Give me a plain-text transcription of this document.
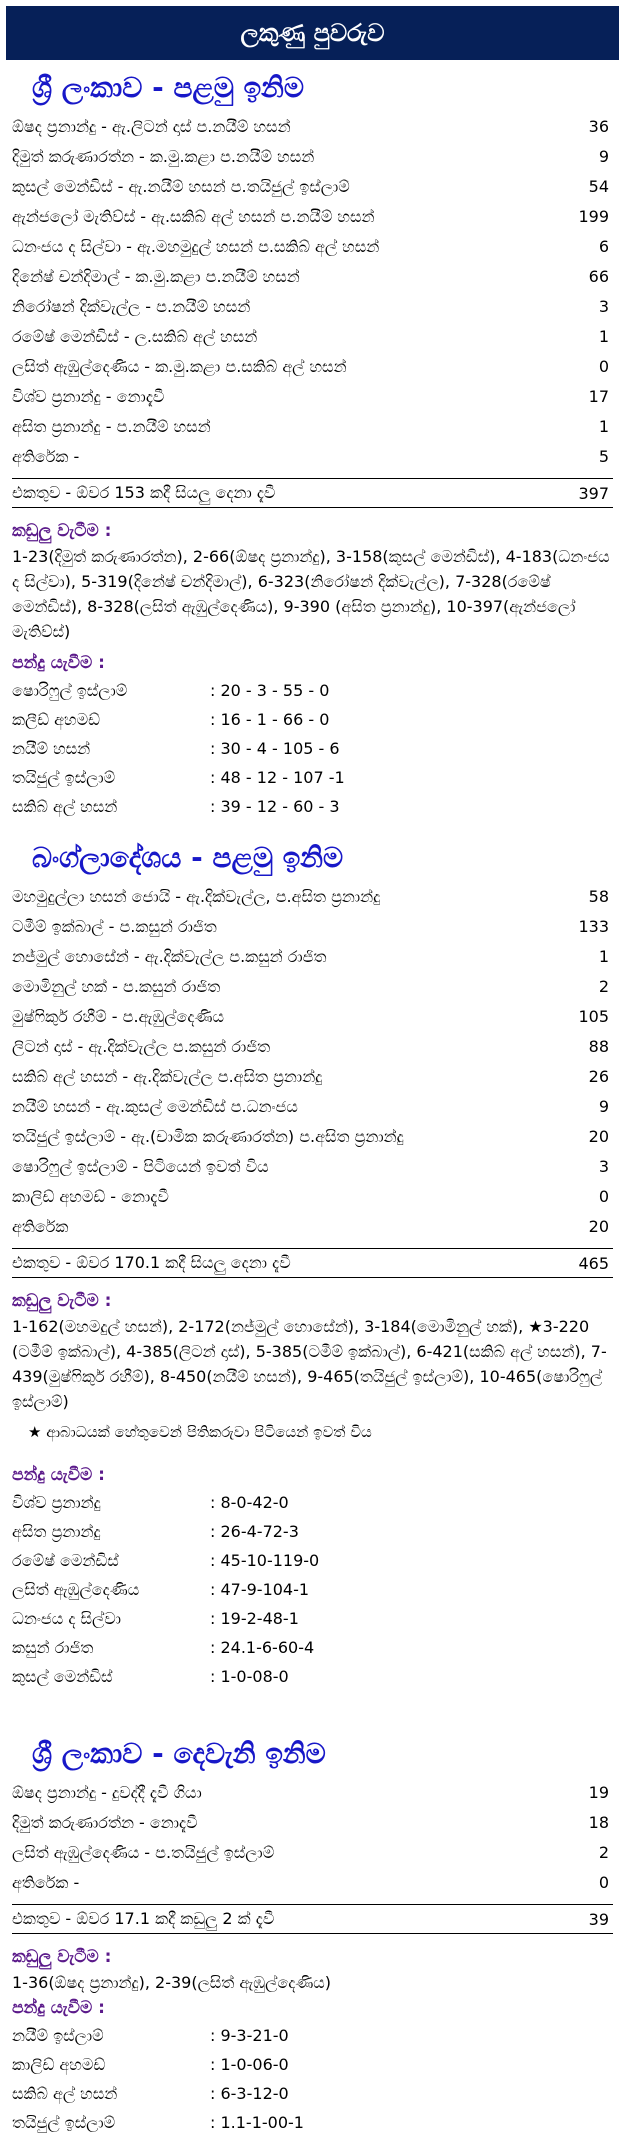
ලකුණු පුවරුව
ශ්‍රී ලංකාව - පළමු ඉනිම
ඕෂද ප්‍රනාන්දු - ඇ.ලිටන් දාස් ප.නයීම් හසන්	36
දිමුත් කරුණාරත්න - ක.මු.කළා ප.නයීම් හසන්	9
කුසල් මෙන්ඩිස් - ඇ.නයීම් හසන් ප.තයිජුල් ඉස්ලාම්	54
ඇන්ජලෝ මැතිව්ස් - ඇ.සකිබ් අල් හසන් ප.නයීම් හසන්	199
ධනංජය ද සිල්වා - ඇ.මහමුදුල් හසන් ප.සකිබ් අල් හසන්	6
දිනේෂ් චන්දිමාල් - ක.මු.කළා ප.නයීම් හසන්	66
නිරෝෂන් දික්වැල්ල - ප.නයීම් හසන්	3
රමේෂ් මෙන්ඩිස් - ල.සකිබ් අල් හසන්	1
ලසිත් ඇඹුල්දෙණිය - ක.මු.කළා ප.සකිබ් අල් හසන්	0
විශ්ව ප්‍රනාන්දු - නොදැවී	17
අසිත ප්‍රනාන්දු - ප.නයීම් හසන්	1
අතිරේක -	5
එකතුව - ඕවර 153 කදී සියලු දෙනා දැවී	397
කඩුලු වැටීම :

1-23(දිමුත් කරුණාරත්න), 2-66(ඕෂද ප්‍රනාන්දු), 3-158(කුසල් මෙන්ඩිස්), 4-183(ධනංජය ද සිල්වා), 5-319(දිනේෂ් චන්දිමාල්), 6-323(නිරෝෂන් දික්වැල්ල), 7-328(රමේෂ් මෙන්ඩිස්), 8-328(ලසිත් ඇඹුල්දෙණිය), 9-390 (අසිත ප්‍රනාන්දු), 10-397(ඇන්ජලෝ මැතිව්ස්)

පන්දු යැවීම :
ෂොරිෆුල් ඉස්ලාම්	: 20 - 3 - 55 - 0
කලීඩ් අහමඩ්	: 16 - 1 - 66 - 0
නයීම් හසන්	: 30 - 4 - 105 - 6
තයිජුල් ඉස්ලාම්	: 48 - 12 - 107 -1
සකිබ් අල් හසන්	: 39 - 12 - 60 - 3
බංග්ලාදේශය - පළමු ඉනිම
මහමුදුල්ලා හසන් ජොයි - ඇ.දික්වැල්ල, ප.අසිත ප්‍රනාන්දු	58
ටමීම් ඉක්බාල් - ප.කසුන් රාජිත	133
නජ්මුල් හොසේන් - ඇ.දික්වැල්ල ප.කසුන් රාජිත	1
මොමිනුල් හක් - ප.කසුන් රාජිත	2
මුෂ්ෆිකුර් රහීම් - ප.ඇඹුල්දෙණිය	105
ලිටන් දාස් - ඇ.දික්වැල්ල ප.කසුන් රාජිත	88
සකිබ් අල් හසන් - ඇ.දික්වැල්ල ප.අසිත ප්‍රනාන්දු	26
නයීම් හසන් - ඇ.කුසල් මෙන්ඩිස් ප.ධනංජය	9
තයිජුල් ඉස්ලාම් - ඇ.(චාමික කරුණාරත්න) ප.අසිත ප්‍රනාන්දු	20
ෂොරිෆුල් ඉස්ලාම් - පිටියෙන් ඉවත් විය	3
කාලිඩ් අහමඩ් - නොදැවී	0
අතිරේක	20
එකතුව - ඕවර 170.1 කදී සියලු දෙනා දැවී	465
කඩුලු වැටීම :

1-162(මහමදුල් හසන්), 2-172(නජ්මුල් හොසේන්), 3-184(මොමිනුල් හක්), ★3-220 (ටමීම් ඉක්බාල්), 4-385(ලිටන් දාස්), 5-385(ටමීම් ඉක්බාල්), 6-421(සකිබ් අල් හසන්), 7-439(මුෂ්ෆිකුර් රහීම්), 8-450(නයීම් හසන්), 9-465(තයිජුල් ඉස්ලාම්), 10-465(ෂොරිෆුල් ඉස්ලාම්)

★ ආබාධයක් හේතුවෙන් පිතිකරුවා පිටියෙන් ඉවත් විය
පන්දු යැවීම :
විශ්ව ප්‍රනාන්දු	: 8-0-42-0
අසිත ප්‍රනාන්දු	: 26-4-72-3
රමේෂ් මෙන්ඩිස්	: 45-10-119-0
ලසිත් ඇඹුල්දෙණිය	: 47-9-104-1
ධනංජය ද සිල්වා	: 19-2-48-1
කසුන් රාජිත	: 24.1-6-60-4
කුසල් මෙන්ඩිස්	: 1-0-08-0
ශ්‍රී ලංකාව - දෙවැනි ඉනිම
ඕෂද ප්‍රනාන්දු - දුවද්දී දැවී ගියා	19
දිමුත් කරුණාරත්න - නොදැවී	18
ලසිත් ඇඹුල්දෙණිය - ප.තයිජුල් ඉස්ලාම්	2
අතිරේක -	0
එකතුව - ඕවර 17.1 කදී කඩුලු 2 ක් දැවී	39
කඩුලු වැටීම :

1-36(ඕෂද ප්‍රනාන්දු), 2-39(ලසිත් ඇඹුල්දෙණිය)

පන්දු යැවීම :
නයීම් ඉස්ලාම්	: 9-3-21-0
කාලිඩ් අහමඩ්	: 1-0-06-0
සකිබ් අල් හසන්	: 6-3-12-0
තයිජුල් ඉස්ලාම්	: 1.1-1-00-1
